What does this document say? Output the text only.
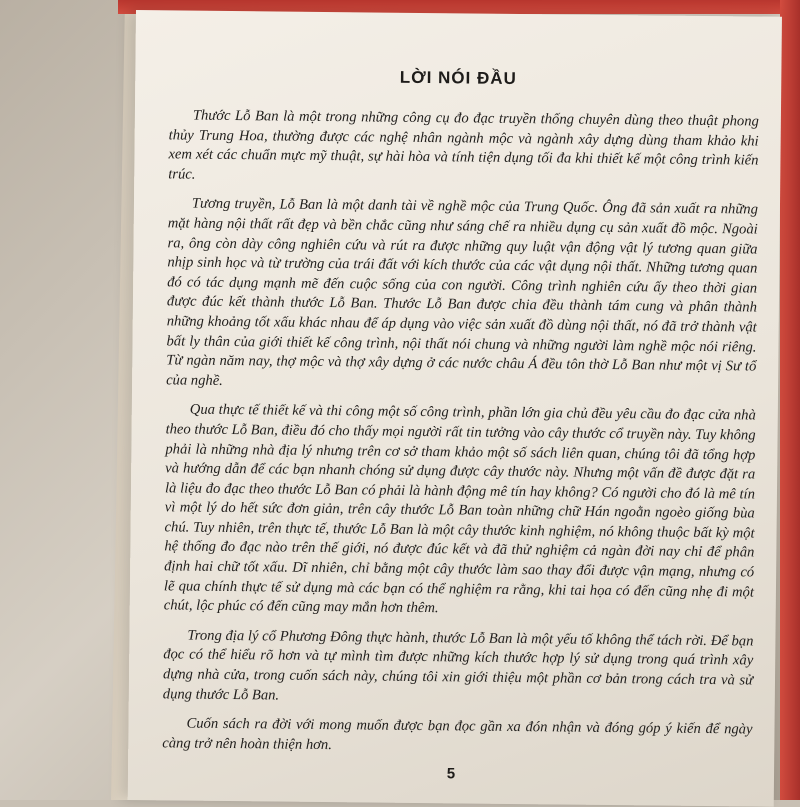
LỜI NÓI ĐẦU

Thước Lỗ Ban là một trong những công cụ đo đạc truyền thống chuyên dùng theo thuật phong thủy Trung Hoa, thường được các nghệ nhân ngành mộc và ngành xây dựng dùng tham khảo khi xem xét các chuẩn mực mỹ thuật, sự hài hòa và tính tiện dụng tối đa khi thiết kế một công trình kiến trúc.

Tương truyền, Lỗ Ban là một danh tài về nghề mộc của Trung Quốc. Ông đã sản xuất ra những mặt hàng nội thất rất đẹp và bền chắc cũng như sáng chế ra nhiều dụng cụ sản xuất đồ mộc. Ngoài ra, ông còn dày công nghiên cứu và rút ra được những quy luật vận động vật lý tương quan giữa nhịp sinh học và từ trường của trái đất với kích thước của các vật dụng nội thất. Những tương quan đó có tác dụng mạnh mẽ đến cuộc sống của con người. Công trình nghiên cứu ấy theo thời gian được đúc kết thành thước Lỗ Ban. Thước Lỗ Ban được chia đều thành tám cung và phân thành những khoảng tốt xấu khác nhau để áp dụng vào việc sản xuất đồ dùng nội thất, nó đã trở thành vật bất ly thân của giới thiết kế công trình, nội thất nói chung và những người làm nghề mộc nói riêng. Từ ngàn năm nay, thợ mộc và thợ xây dựng ở các nước châu Á đều tôn thờ Lỗ Ban như một vị Sư tổ của nghề.

Qua thực tế thiết kế và thi công một số công trình, phần lớn gia chủ đều yêu cầu đo đạc cửa nhà theo thước Lỗ Ban, điều đó cho thấy mọi người rất tin tưởng vào cây thước cổ truyền này. Tuy không phải là những nhà địa lý nhưng trên cơ sở tham khảo một số sách liên quan, chúng tôi đã tổng hợp và hướng dẫn để các bạn nhanh chóng sử dụng được cây thước này. Nhưng một vấn đề được đặt ra là liệu đo đạc theo thước Lỗ Ban có phải là hành động mê tín hay không? Có người cho đó là mê tín vì một lý do hết sức đơn giản, trên cây thước Lỗ Ban toàn những chữ Hán ngoằn ngoèo giống bùa chú. Tuy nhiên, trên thực tế, thước Lỗ Ban là một cây thước kinh nghiệm, nó không thuộc bất kỳ một hệ thống đo đạc nào trên thế giới, nó được đúc kết và đã thử nghiệm cả ngàn đời nay chỉ để phân định hai chữ tốt xấu. Dĩ nhiên, chỉ bằng một cây thước làm sao thay đổi được vận mạng, nhưng có lẽ qua chính thực tế sử dụng mà các bạn có thể nghiệm ra rằng, khi tai họa có đến cũng nhẹ đi một chút, lộc phúc có đến cũng may mắn hơn thêm.

Trong địa lý cổ Phương Đông thực hành, thước Lỗ Ban là một yếu tố không thể tách rời. Để bạn đọc có thể hiểu rõ hơn và tự mình tìm được những kích thước hợp lý sử dụng trong quá trình xây dựng nhà cửa, trong cuốn sách này, chúng tôi xin giới thiệu một phần cơ bản trong cách tra và sử dụng thước Lỗ Ban.

Cuốn sách ra đời với mong muốn được bạn đọc gần xa đón nhận và đóng góp ý kiến để ngày càng trở nên hoàn thiện hơn.

5
